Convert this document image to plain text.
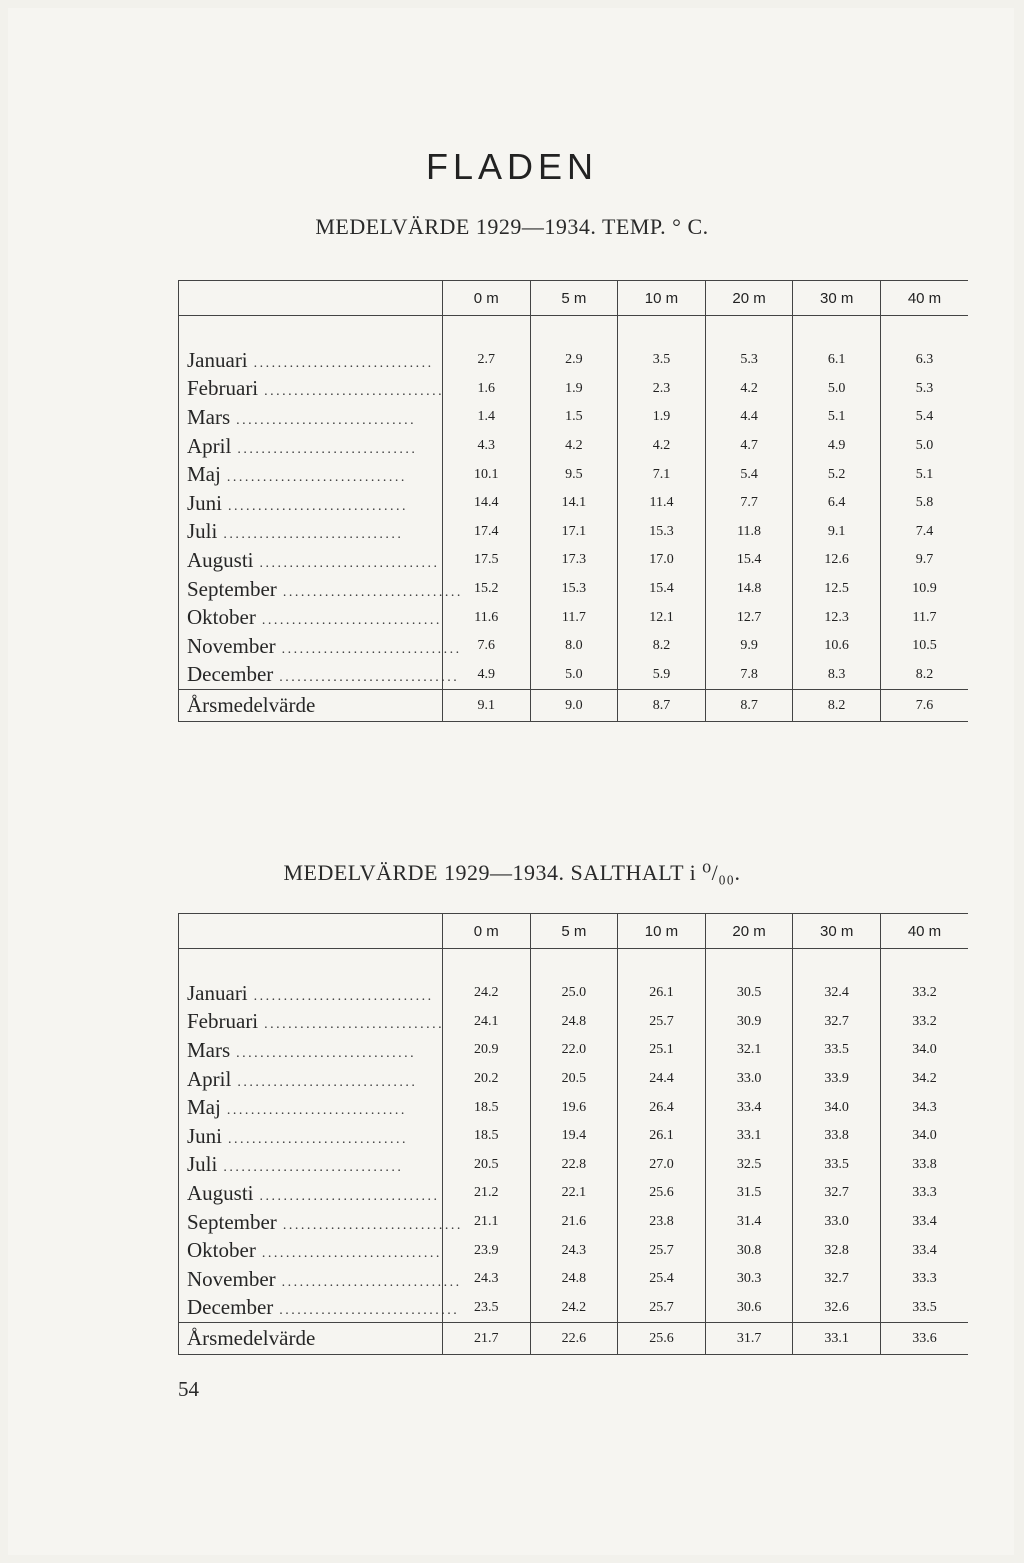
FLADEN
MEDELVÄRDE 1929—1934. TEMP. ° C.
	0 m	5 m	10 m	20 m	30 m	40 m

Januari ..............................	2.7	2.9	3.5	5.3	6.1	6.3
Februari ..............................	1.6	1.9	2.3	4.2	5.0	5.3
Mars ..............................	1.4	1.5	1.9	4.4	5.1	5.4
April ..............................	4.3	4.2	4.2	4.7	4.9	5.0
Maj ..............................	10.1	9.5	7.1	5.4	5.2	5.1
Juni ..............................	14.4	14.1	11.4	7.7	6.4	5.8
Juli ..............................	17.4	17.1	15.3	11.8	9.1	7.4
Augusti ..............................	17.5	17.3	17.0	15.4	12.6	9.7
September ..............................	15.2	15.3	15.4	14.8	12.5	10.9
Oktober ..............................	11.6	11.7	12.1	12.7	12.3	11.7
November ..............................	7.6	8.0	8.2	9.9	10.6	10.5
December ..............................	4.9	5.0	5.9	7.8	8.3	8.2
Årsmedelvärde	9.1	9.0	8.7	8.7	8.2	7.6
MEDELVÄRDE 1929—1934. SALTHALT i ⁰/₀₀.
	0 m	5 m	10 m	20 m	30 m	40 m

Januari ..............................	24.2	25.0	26.1	30.5	32.4	33.2
Februari ..............................	24.1	24.8	25.7	30.9	32.7	33.2
Mars ..............................	20.9	22.0	25.1	32.1	33.5	34.0
April ..............................	20.2	20.5	24.4	33.0	33.9	34.2
Maj ..............................	18.5	19.6	26.4	33.4	34.0	34.3
Juni ..............................	18.5	19.4	26.1	33.1	33.8	34.0
Juli ..............................	20.5	22.8	27.0	32.5	33.5	33.8
Augusti ..............................	21.2	22.1	25.6	31.5	32.7	33.3
September ..............................	21.1	21.6	23.8	31.4	33.0	33.4
Oktober ..............................	23.9	24.3	25.7	30.8	32.8	33.4
November ..............................	24.3	24.8	25.4	30.3	32.7	33.3
December ..............................	23.5	24.2	25.7	30.6	32.6	33.5
Årsmedelvärde	21.7	22.6	25.6	31.7	33.1	33.6
54
